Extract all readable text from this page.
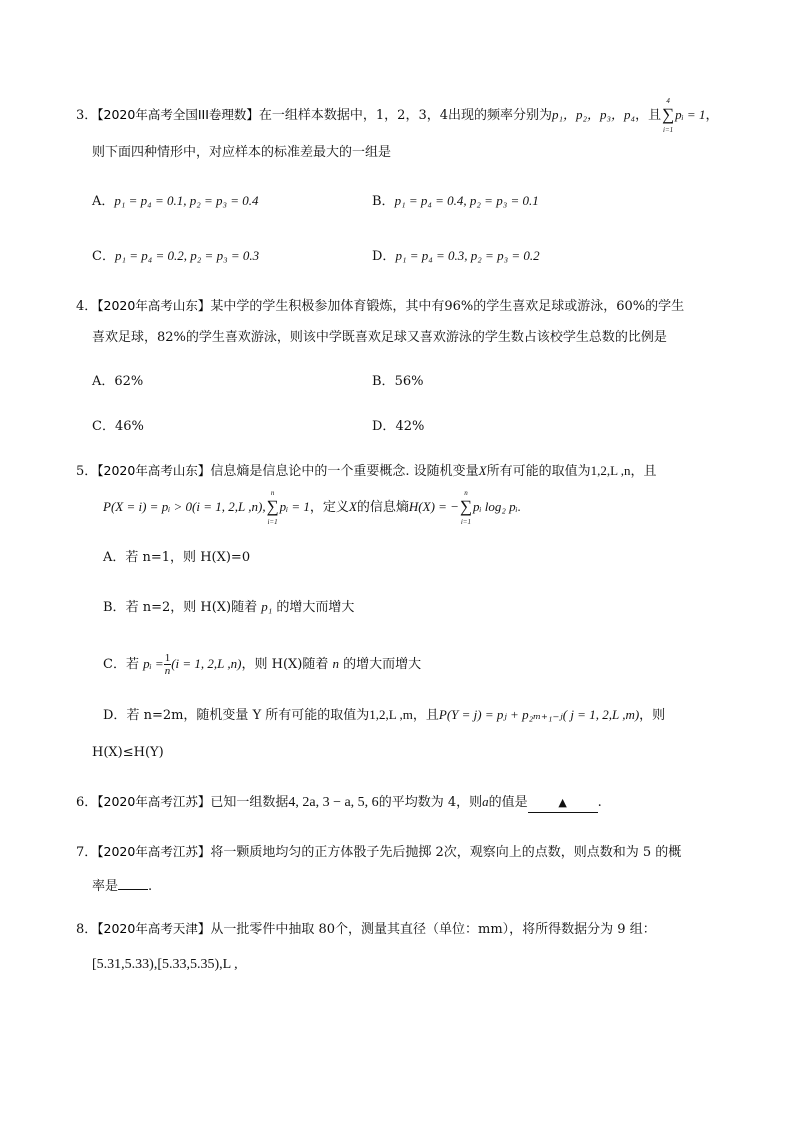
3．【2020年高考全国III卷理数】在一组样本数据中，1，2，3，4出现的频率分别为p₁，p₂，p₃，p₄，且
4
∑
i=1
pᵢ = 1，
则下面四种情形中，对应样本的标准差最大的一组是
A．p₁ = p₄ = 0.1, p₂ = p₃ = 0.4	B．p₁ = p₄ = 0.4, p₂ = p₃ = 0.1
C．p₁ = p₄ = 0.2, p₂ = p₃ = 0.3	D．p₁ = p₄ = 0.3, p₂ = p₃ = 0.2
4．【2020年高考山东】某中学的学生积极参加体育锻炼，其中有96%的学生喜欢足球或游泳，60%的学生
喜欢足球，82%的学生喜欢游泳，则该中学既喜欢足球又喜欢游泳的学生数占该校学生总数的比例是
A．62%	B．56%
C．46%	D．42%
5．【2020年高考山东】信息熵是信息论中的一个重要概念. 设随机变量X所有可能的取值为1,2,L ,n，且
P(X = i) = pᵢ > 0(i = 1, 2,L ,n),
n
∑
i=1
pᵢ = 1，定义X的信息熵H(X) = −
n
∑
i=1
pᵢ log₂ pᵢ.
A．若 n=1，则 H(X)=0
B．若 n=2，则 H(X)随着 p₁ 的增大而增大
C．若 pᵢ = $\frac{1}{n} (i = 1$, 2,L ,n)，则 H(X)随着 n 的增大而增大
D．若 n=2m，随机变量 Y 所有可能的取值为1,2,L ,m，且P(Y = j) = pⱼ + p₂ₘ₊₁₋ⱼ( j = 1, 2,L ,m)，则
H(X)≤H(Y)
6．【2020年高考江苏】已知一组数据4, 2a, 3 − a, 5, 6的平均数为 4，则a的值是	▲ .
7．【2020年高考江苏】将一颗质地均匀的正方体骰子先后抛掷 2次，观察向上的点数，则点数和为 5 的概
率是 .
8．【2020年高考天津】从一批零件中抽取 80个，测量其直径（单位：mm），将所得数据分为 9 组：
[5.31,5.33),[5.33,5.35),L ,
